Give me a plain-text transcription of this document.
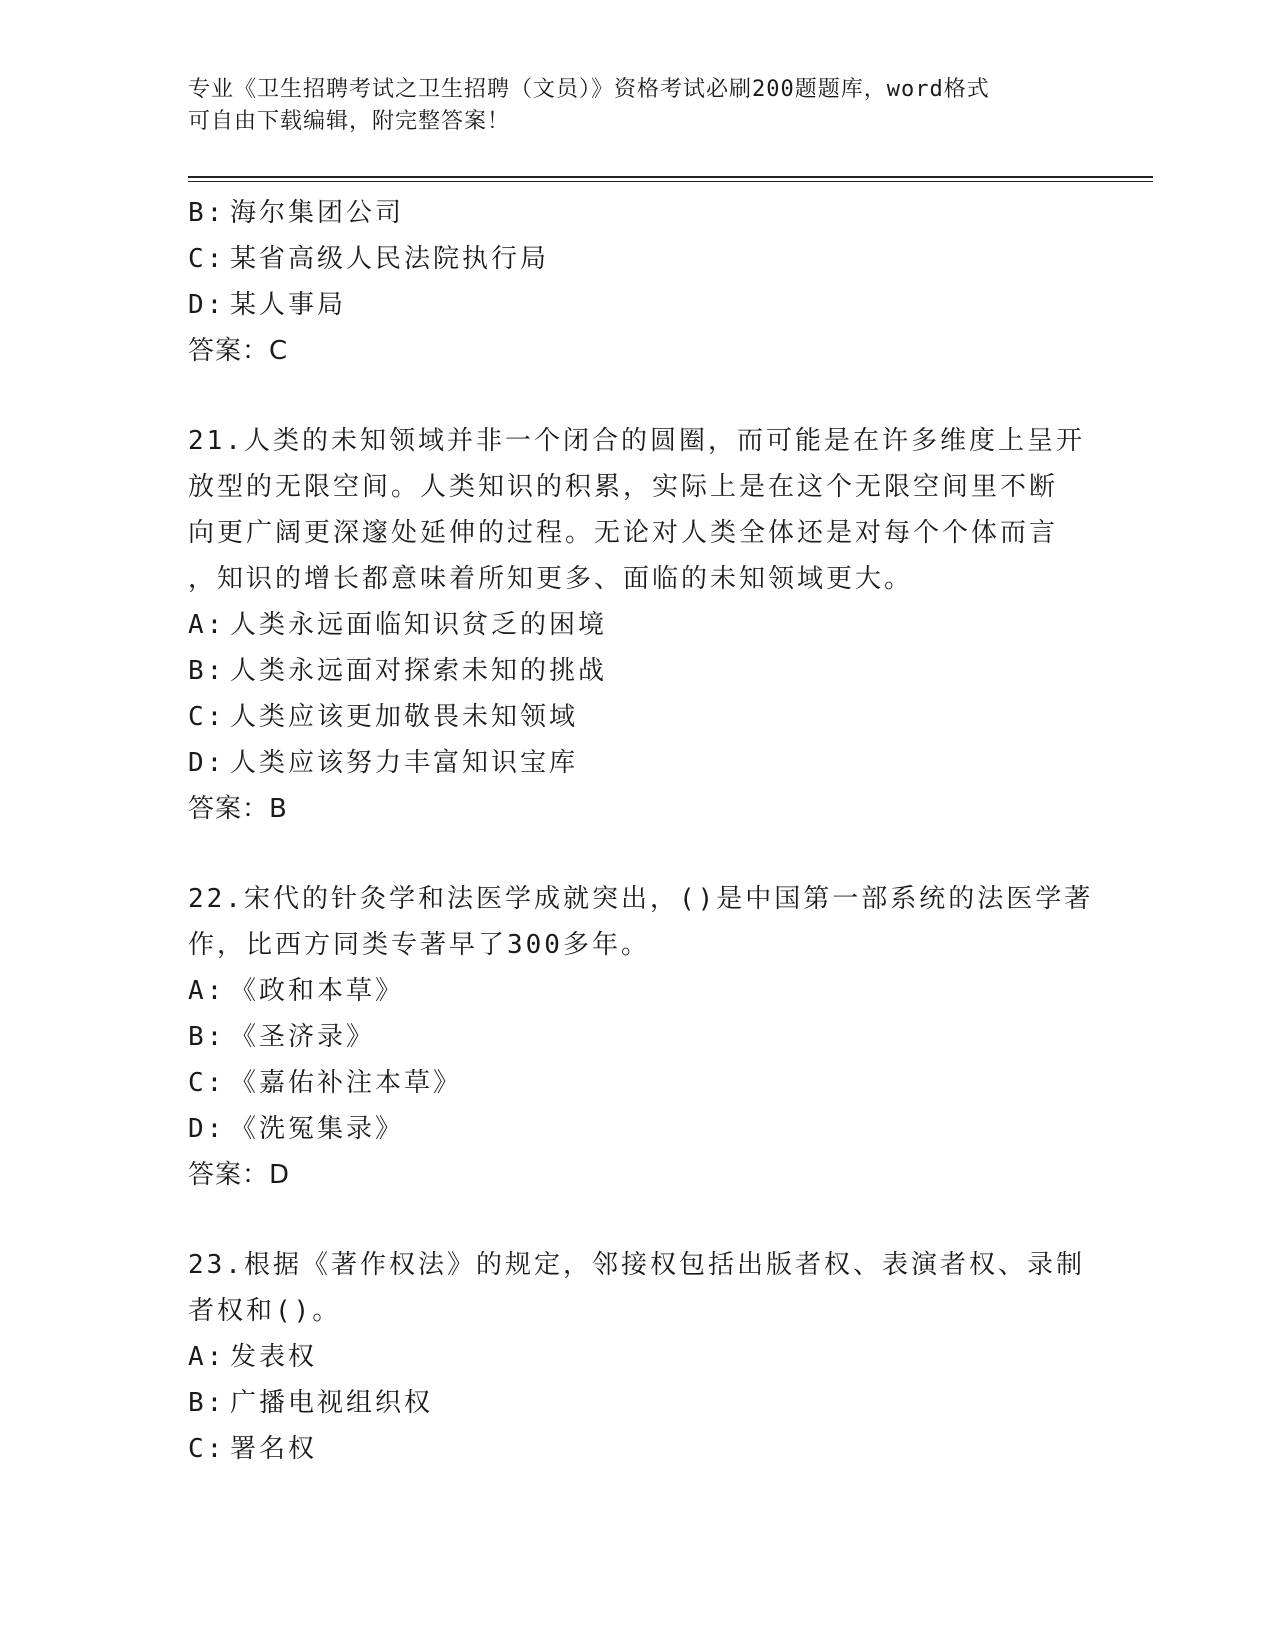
专业《卫生招聘考试之卫生招聘（文员）》资格考试必刷200题题库，word格式
可自由下载编辑，附完整答案！
B: 海尔集团公司
C: 某省高级人民法院执行局
D: 某人事局
答案：C
21.人类的未知领域并非一个闭合的圆圈，而可能是在许多维度上呈开
放型的无限空间。人类知识的积累，实际上是在这个无限空间里不断
向更广阔更深邃处延伸的过程。无论对人类全体还是对每个个体而言
，知识的增长都意味着所知更多、面临的未知领域更大。
A: 人类永远面临知识贫乏的困境
B: 人类永远面对探索未知的挑战
C: 人类应该更加敬畏未知领域
D: 人类应该努力丰富知识宝库
答案：B
22.宋代的针灸学和法医学成就突出，()是中国第一部系统的法医学著
作，比西方同类专著早了300多年。
A: 《政和本草》
B: 《圣济录》
C: 《嘉佑补注本草》
D: 《洗冤集录》
答案：D
23.根据《著作权法》的规定，邻接权包括出版者权、表演者权、录制
者权和()。
A: 发表权
B: 广播电视组织权
C: 署名权
